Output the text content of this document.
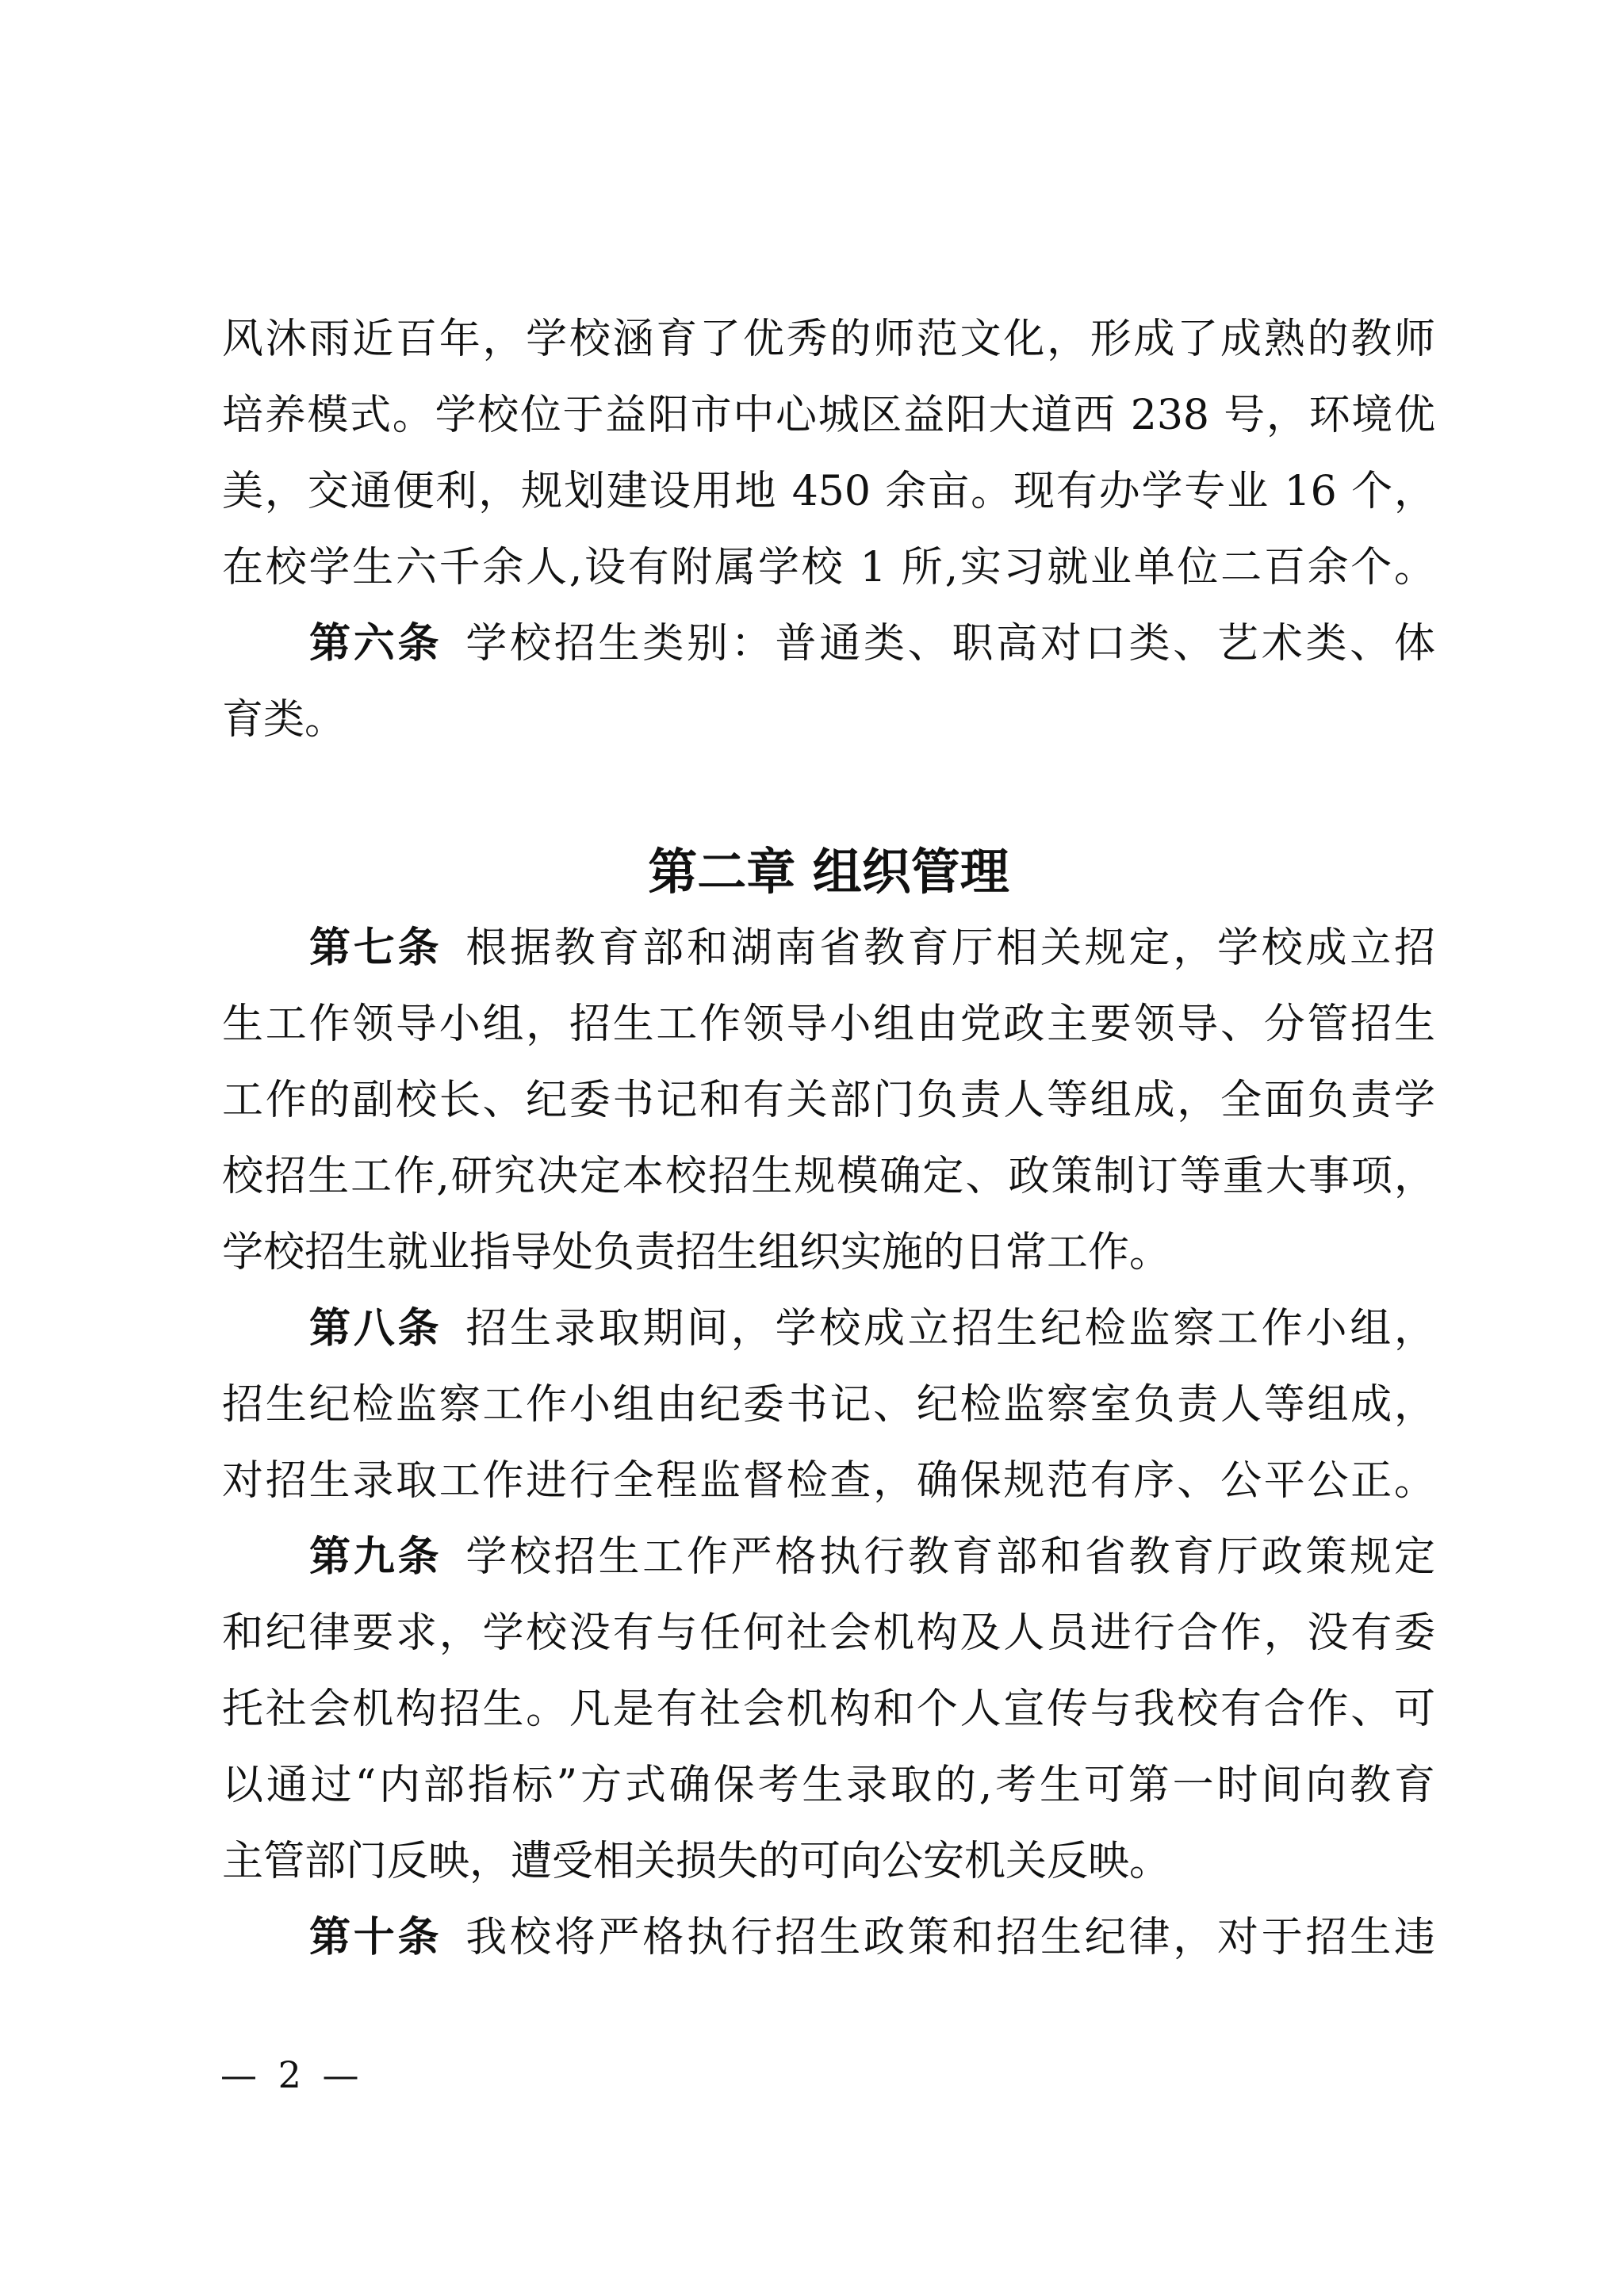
风沐雨近百年，学校涵育了优秀的师范文化，形成了成熟的教师
培养模式。学校位于益阳市中心城区益阳大道西 238 号，环境优
美，交通便利，规划建设用地 450 余亩。现有办学专业 16 个，
在校学生六千余人,设有附属学校 1 所,实习就业单位二百余个。
第六条 学校招生类别：普通类、职高对口类、艺术类、体
育类。
第二章 组织管理
第七条 根据教育部和湖南省教育厅相关规定，学校成立招
生工作领导小组，招生工作领导小组由党政主要领导、分管招生
工作的副校长、纪委书记和有关部门负责人等组成，全面负责学
校招生工作,研究决定本校招生规模确定、政策制订等重大事项，
学校招生就业指导处负责招生组织实施的日常工作。
第八条 招生录取期间，学校成立招生纪检监察工作小组，
招生纪检监察工作小组由纪委书记、纪检监察室负责人等组成，
对招生录取工作进行全程监督检查，确保规范有序、公平公正。
第九条 学校招生工作严格执行教育部和省教育厅政策规定
和纪律要求，学校没有与任何社会机构及人员进行合作，没有委
托社会机构招生。凡是有社会机构和个人宣传与我校有合作、可
以通过“内部指标”方式确保考生录取的,考生可第一时间向教育
主管部门反映，遭受相关损失的可向公安机关反映。
第十条 我校将严格执行招生政策和招生纪律，对于招生违
— 2 —
